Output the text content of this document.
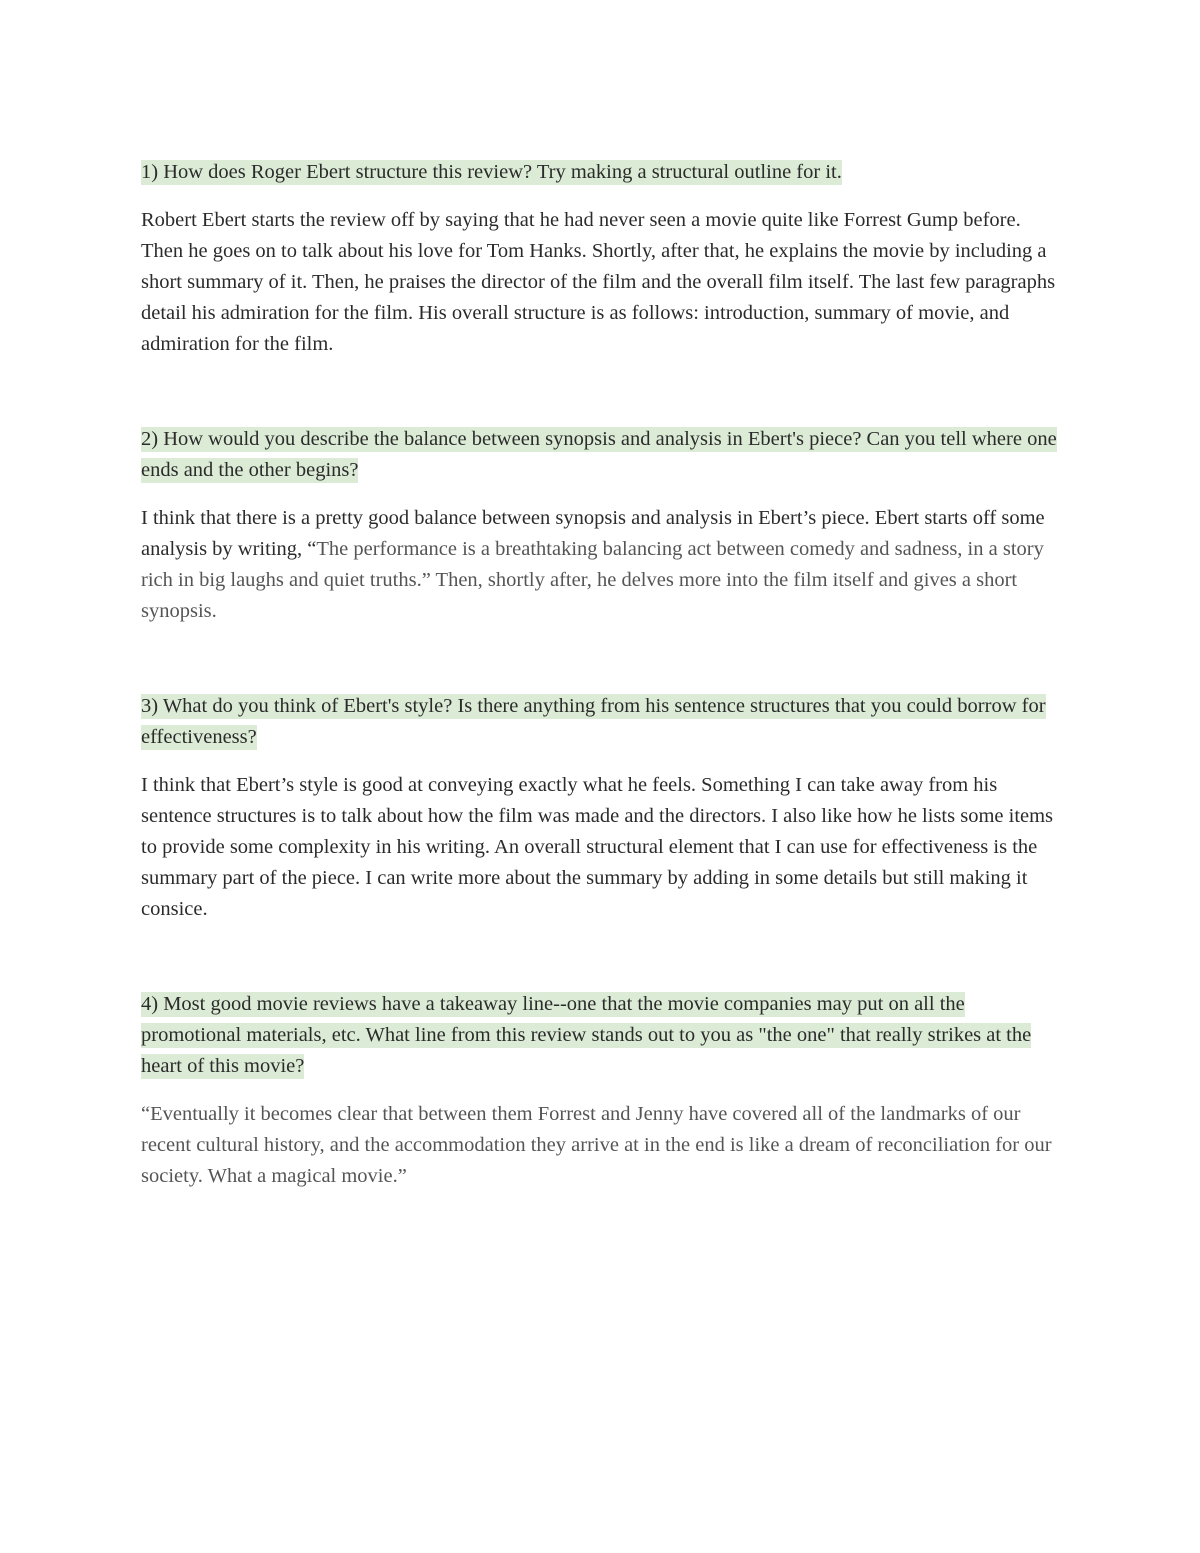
1) How does Roger Ebert structure this review? Try making a structural outline for it.

Robert Ebert starts the review off by saying that he had never seen a movie quite like Forrest Gump before. Then he goes on to talk about his love for Tom Hanks. Shortly, after that, he explains the movie by including a short summary of it. Then, he praises the director of the film and the overall film itself. The last few paragraphs detail his admiration for the film. His overall structure is as follows: introduction, summary of movie, and admiration for the film.

2) How would you describe the balance between synopsis and analysis in Ebert's piece? Can you tell where one ends and the other begins?

I think that there is a pretty good balance between synopsis and analysis in Ebert’s piece. Ebert starts off some analysis by writing, “The performance is a breathtaking balancing act between comedy and sadness, in a story rich in big laughs and quiet truths.” Then, shortly after, he delves more into the film itself and gives a short synopsis.

3) What do you think of Ebert's style? Is there anything from his sentence structures that you could borrow for effectiveness?

I think that Ebert’s style is good at conveying exactly what he feels. Something I can take away from his sentence structures is to talk about how the film was made and the directors. I also like how he lists some items to provide some complexity in his writing. An overall structural element that I can use for effectiveness is the summary part of the piece. I can write more about the summary by adding in some details but still making it consice.

4) Most good movie reviews have a takeaway line--one that the movie companies may put on all the promotional materials, etc. What line from this review stands out to you as "the one" that really strikes at the heart of this movie?

“Eventually it becomes clear that between them Forrest and Jenny have covered all of the landmarks of our recent cultural history, and the accommodation they arrive at in the end is like a dream of reconciliation for our society. What a magical movie.”
